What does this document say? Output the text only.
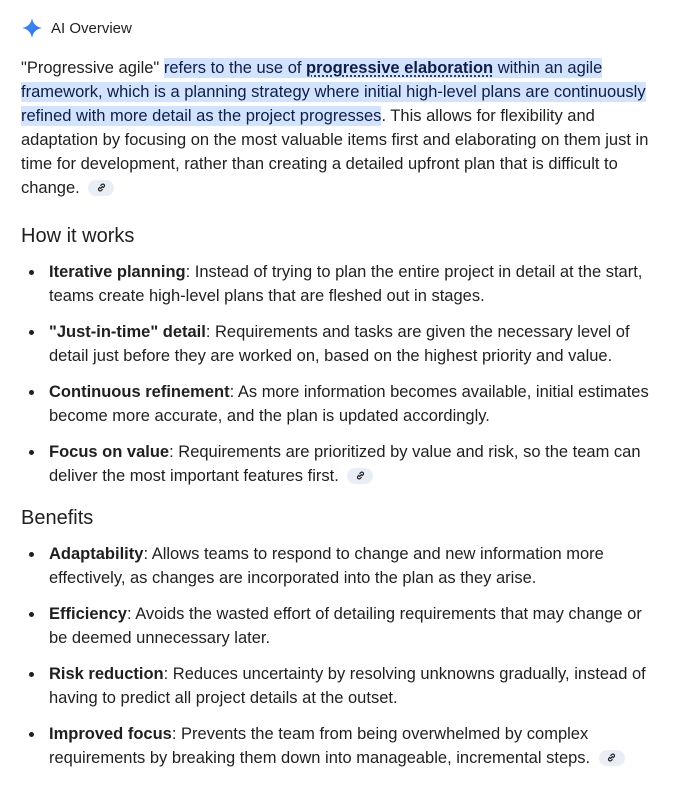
AI Overview

"Progressive agile" refers to the use of progressive elaboration within an agile framework, which is a planning strategy where initial high-level plans are continuously refined with more detail as the project progresses. This allows for flexibility and adaptation by focusing on the most valuable items first and elaborating on them just in time for development, rather than creating a detailed upfront plan that is difficult to change.

How it works
Iterative planning: Instead of trying to plan the entire project in detail at the start, teams create high-level plans that are fleshed out in stages.
"Just-in-time" detail: Requirements and tasks are given the necessary level of detail just before they are worked on, based on the highest priority and value.
Continuous refinement: As more information becomes available, initial estimates become more accurate, and the plan is updated accordingly.
Focus on value: Requirements are prioritized by value and risk, so the team can deliver the most important features first.
Benefits
Adaptability: Allows teams to respond to change and new information more effectively, as changes are incorporated into the plan as they arise.
Efficiency: Avoids the wasted effort of detailing requirements that may change or be deemed unnecessary later.
Risk reduction: Reduces uncertainty by resolving unknowns gradually, instead of having to predict all project details at the outset.
Improved focus: Prevents the team from being overwhelmed by complex requirements by breaking them down into manageable, incremental steps.
